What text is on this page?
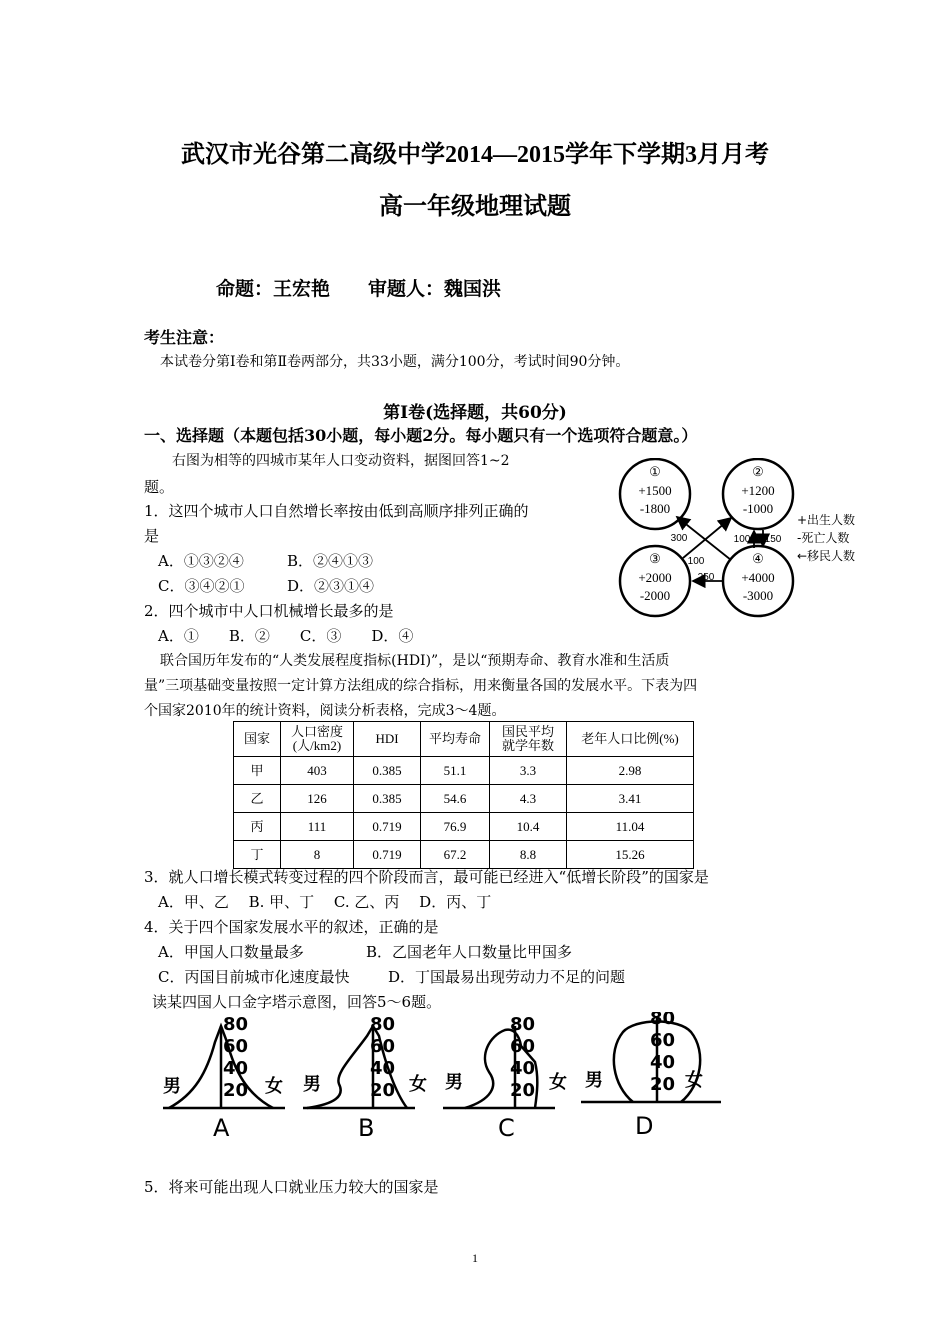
武汉市光谷第二高级中学2014—2015学年下学期3月月考
高一年级地理试题
命题：王宏艳　　审题人：魏国洪
考生注意：
本试卷分第Ⅰ卷和第Ⅱ卷两部分，共33小题，满分100分，考试时间90分钟。
第Ⅰ卷(选择题，共60分)
一、选择题（本题包括30小题，每小题2分。每小题只有一个选项符合题意。）
右图为相等的四城市某年人口变动资料，据图回答1~2
题。
1．这四个城市人口自然增长率按由低到高顺序排列正确的
是
A．①③②④	B．②④①③
C．③④②①	D．②③①④
2．四个城市中人口机械增长最多的是
A．①　　B．②　　C．③　　D．④
①
+1500
-1800
②
+1200
-1000
③
+2000
-2000
④
+4000
-3000
300
100
100 150
250
+出生人数
-死亡人数
←移民人数
联合国历年发布的“人类发展程度指标(HDI)”，是以“预期寿命、教育水准和生活质
量”三项基础变量按照一定计算方法组成的综合指标，用来衡量各国的发展水平。下表为四
个国家2010年的统计资料，阅读分析表格，完成3～4题。
国家	人口密度
(人/km2)	HDI	平均寿命	国民平均
就学年数	老年人口比例(%)
甲	403	0.385	51.1	3.3	2.98
乙	126	0.385	54.6	4.3	3.41
丙	111	0.719	76.9	10.4	11.04
丁	8	0.719	67.2	8.8	15.26
3．就人口增长模式转变过程的四个阶段而言，最可能已经进入“低增长阶段”的国家是
A．甲、乙　 B. 甲、丁　 C. 乙、丙　 D．丙、丁
4．关于四个国家发展水平的叙述，正确的是
A．甲国人口数量最多	B．乙国老年人口数量比甲国多
C．丙国目前城市化速度最快	D．丁国最易出现劳动力不足的问题
读某四国人口金字塔示意图，回答5～6题。
80
60
40
20
男	女
80
60
40
20
男	女
80
60
40
20
男	女
80
60
40
20
男	女
A	B	C	D
5．将来可能出现人口就业压力较大的国家是
1
